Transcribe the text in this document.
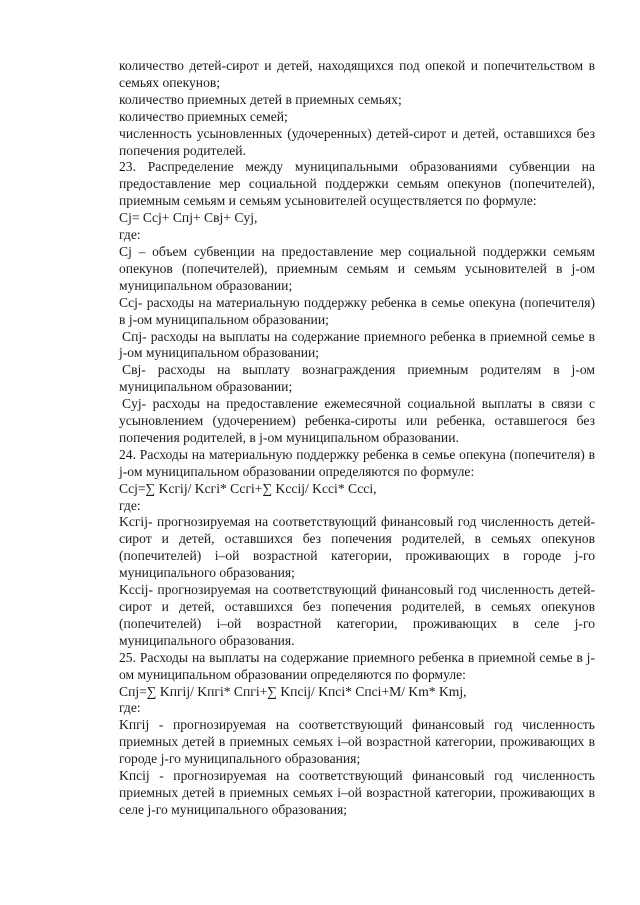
количество детей-сирот и детей, находящихся под опекой и попечительством в семьях опекунов;

количество приемных детей в приемных семьях;

количество приемных семей;

численность усыновленных (удочеренных) детей-сирот и детей, оставшихся без попечения родителей.

23. Распределение между муниципальными образованиями субвенции на предоставление мер социальной поддержки семьям опекунов (попечителей), приемным семьям и семьям усыновителей осуществляется по формуле:

Cj= Ccj+ Cпj+ Cвj+ Cуj,

где:

Cj – объем субвенции на предоставление мер социальной поддержки семьям опекунов (попечителей), приемным семьям и семьям усыновителей в j-ом муниципальном образовании;

Ccj- расходы на материальную поддержку ребенка в семье опекуна (попечителя) в j-ом муниципальном образовании;

Cпj- расходы на выплаты на содержание приемного ребенка в приемной семье в j-ом муниципальном образовании;

Cвj- расходы на выплату вознаграждения приемным родителям в j-ом муниципальном образовании;

Cуj- расходы на предоставление ежемесячной социальной выплаты в связи с усыновлением (удочерением) ребенка-сироты или ребенка, оставшегося без попечения родителей, в j-ом муниципальном образовании.

24. Расходы на материальную поддержку ребенка в семье опекуна (попечителя) в j-ом муниципальном образовании определяются по формуле:

Ccj=∑ Kcгij/ Kсгi* Ссгi+∑ Kcсij/ Kссi* Ссci,

где:

Kcгij- прогнозируемая на соответствующий финансовый год численность детей-сирот и детей, оставшихся без попечения родителей, в семьях опекунов (попечителей) i–ой возрастной категории, проживающих в городе j-го муниципального образования;

Kcсij- прогнозируемая на соответствующий финансовый год численность детей-сирот и детей, оставшихся без попечения родителей, в семьях опекунов (попечителей) i–ой возрастной категории, проживающих в селе j-го муниципального образования.

25. Расходы на выплаты на содержание приемного ребенка в приемной семье в j-ом муниципальном образовании определяются по формуле:

Cпj=∑ Kпгij/ Kпгi* Cпгi+∑ Kпсij/ Kпсi* Cпсi+M/ Km* Kmj,

где:

Kпгij - прогнозируемая на соответствующий финансовый год численность приемных детей в приемных семьях i–ой возрастной категории, проживающих в городе j-го муниципального образования;

Kпсij - прогнозируемая на соответствующий финансовый год численность приемных детей в приемных семьях i–ой возрастной категории, проживающих в селе j-го муниципального образования;
